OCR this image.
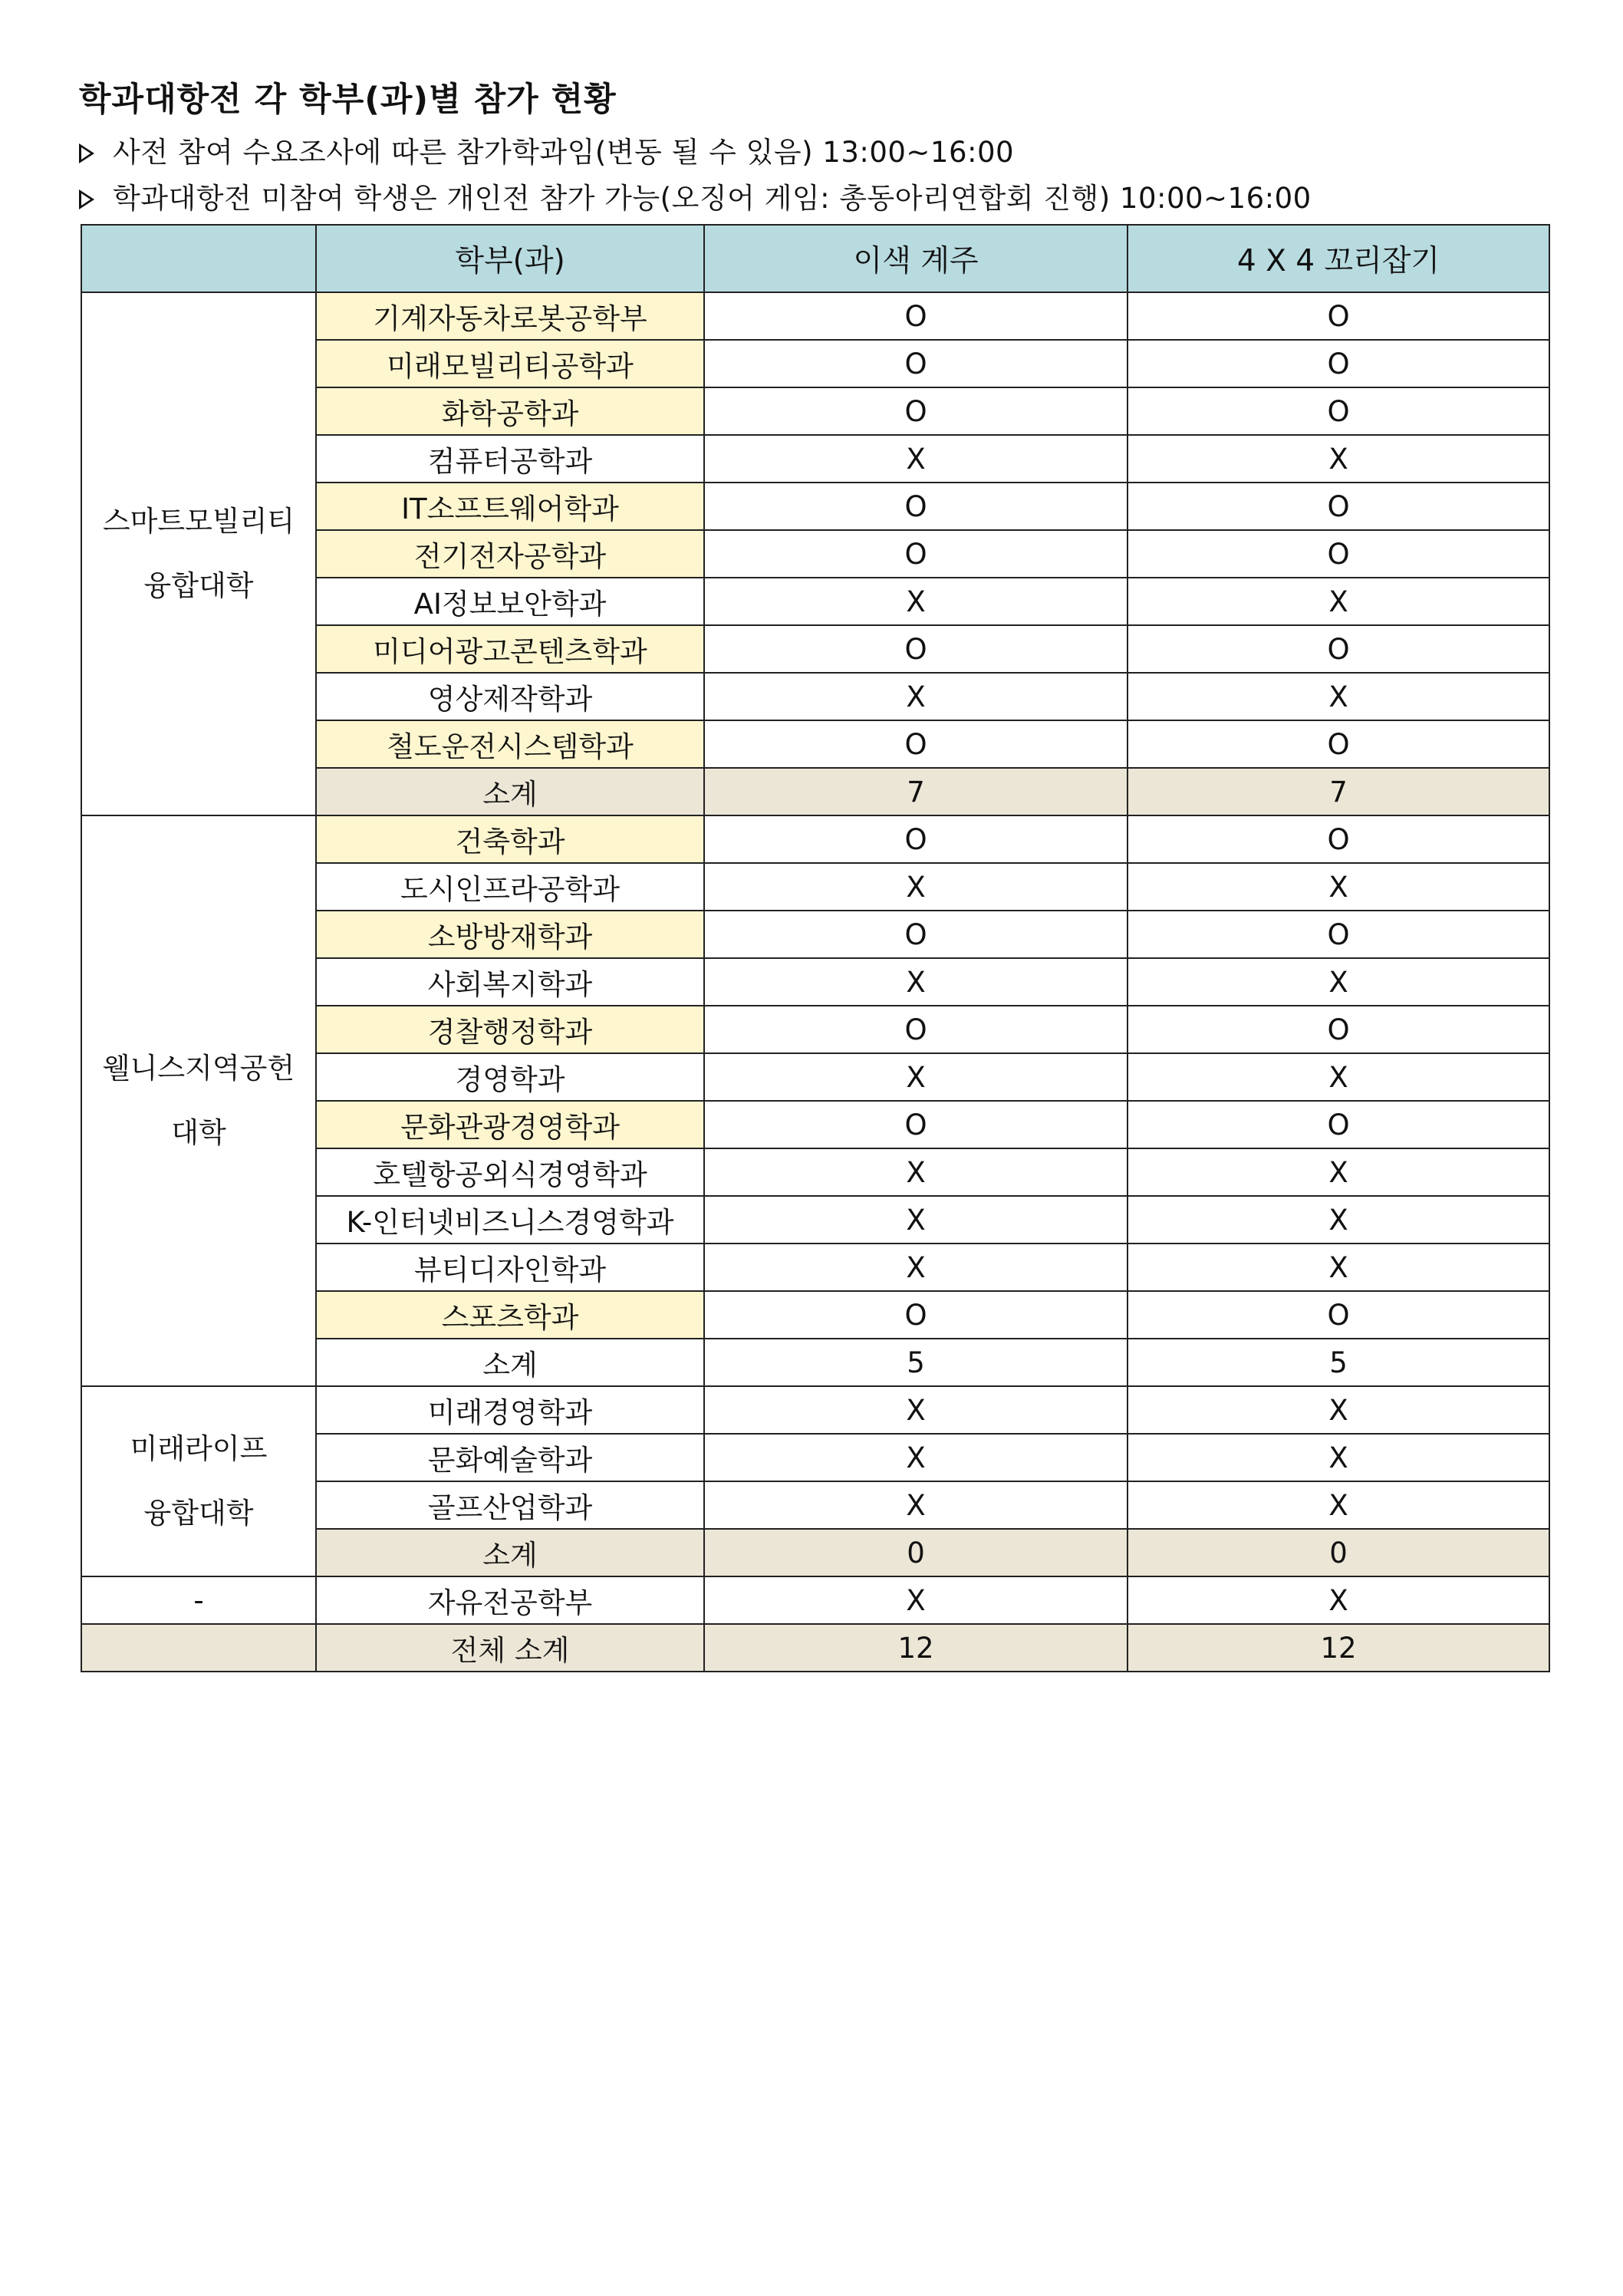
학과대항전 각 학부(과)별 참가 현황
사전 참여 수요조사에 따른 참가학과임(변동 될 수 있음) 13:00~16:00
학과대항전 미참여 학생은 개인전 참가 가능(오징어 게임: 총동아리연합회 진행) 10:00~16:00
	학부(과)	이색 계주	4 X 4 꼬리잡기

스마트모빌리티
융합대학	기계자동차로봇공학부	O	O
	미래모빌리티공학과	O	O
	화학공학과	O	O
	컴퓨터공학과	X	X
	IT소프트웨어학과	O	O
	전기전자공학과	O	O
	AI정보보안학과	X	X
	미디어광고콘텐츠학과	O	O
	영상제작학과	X	X
	철도운전시스템학과	O	O
	소계	7	7

웰니스지역공헌
대학	건축학과	O	O
	도시인프라공학과	X	X
	소방방재학과	O	O
	사회복지학과	X	X
	경찰행정학과	O	O
	경영학과	X	X
	문화관광경영학과	O	O
	호텔항공외식경영학과	X	X
	K-인터넷비즈니스경영학과	X	X
	뷰티디자인학과	X	X
	스포츠학과	O	O
	소계	5	5

미래라이프
융합대학	미래경영학과	X	X
	문화예술학과	X	X
	골프산업학과	X	X
	소계	0	0
-	자유전공학부	X	X
	전체 소계	12	12
